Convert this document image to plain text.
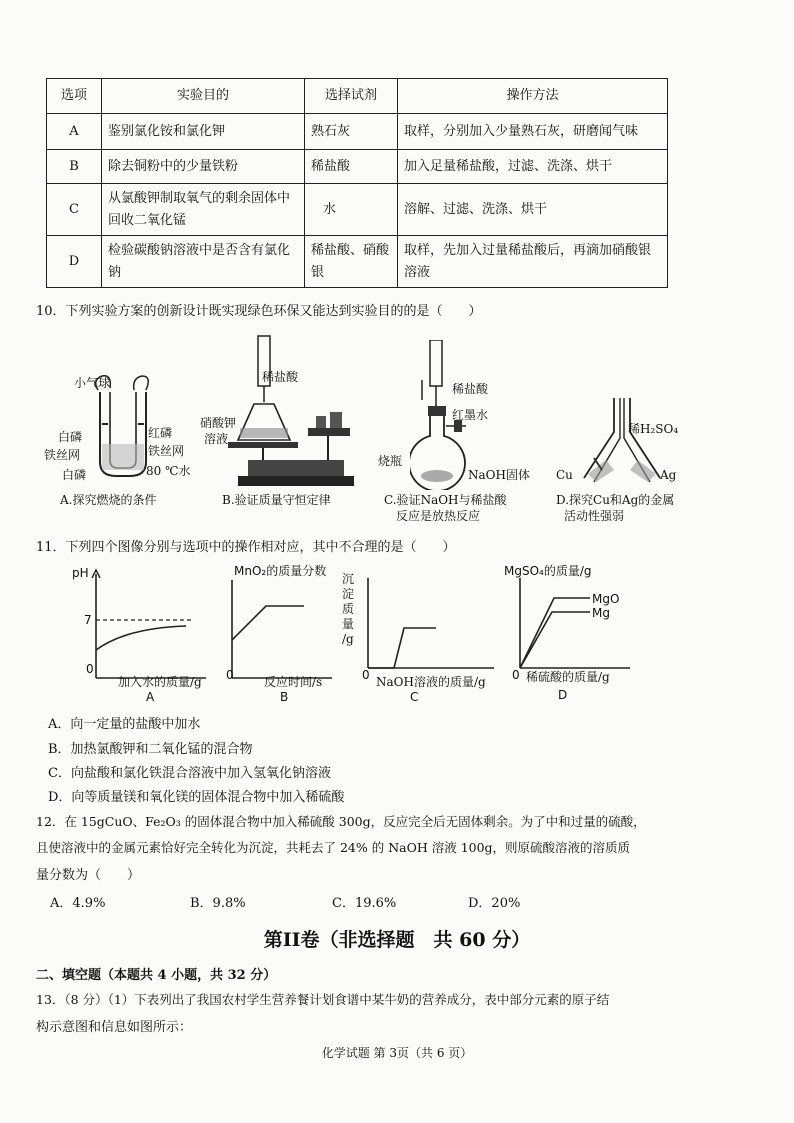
选项	实验目的	选择试剂	操作方法
A	鉴别氯化铵和氯化钾	熟石灰	取样，分别加入少量熟石灰，研磨闻气味
B	除去铜粉中的少量铁粉	稀盐酸	加入足量稀盐酸，过滤、洗涤、烘干
C	从氯酸钾制取氧气的剩余固体中回收二氧化锰	水	溶解、过滤、洗涤、烘干
D	检验碳酸钠溶液中是否含有氯化钠	稀盐酸、硝酸银	取样，先加入过量稀盐酸后，再滴加硝酸银溶液
10．下列实验方案的创新设计既实现绿色环保又能达到实验目的的是（　　）
小气球
白磷	红磷
铁丝网	铁丝网
白磷	80 ℃水
A.探究燃烧的条件
稀盐酸
硝酸钾
溶液
B.验证质量守恒定律
稀盐酸
红墨水
烧瓶
NaOH固体
C.验证NaOH与稀盐酸
反应是放热反应
稀H₂SO₄
Cu	Ag
D.探究Cu和Ag的金属
活动性强弱
11．下列四个图像分别与选项中的操作相对应，其中不合理的是（　　）
pH
7
0
加入水的质量/g
A
MnO₂的质量分数
0	反应时间/s
B
沉
淀
质
量
/g
0 NaOH溶液的质量/g
C
MgSO₄的质量/g
MgO
Mg
0 稀硫酸的质量/g
D
A．向一定量的盐酸中加水
B．加热氯酸钾和二氧化锰的混合物
C．向盐酸和氯化铁混合溶液中加入氢氧化钠溶液
D．向等质量镁和氧化镁的固体混合物中加入稀硫酸
12．在 15gCuO、Fe₂O₃ 的固体混合物中加入稀硫酸 300g，反应完全后无固体剩余。为了中和过量的硫酸，
且使溶液中的金属元素恰好完全转化为沉淀，共耗去了 24% 的 NaOH 溶液 100g，则原硫酸溶液的溶质质
量分数为（　　）
A．4.9%	B．9.8%	C．19.6%	D．20%
第II卷（非选择题　共 60 分）
二、填空题（本题共 4 小题，共 32 分）
13．（8 分）（1）下表列出了我国农村学生营养餐计划食谱中某牛奶的营养成分，表中部分元素的原子结
构示意图和信息如图所示：
化学试题 第 3页（共 6 页）
